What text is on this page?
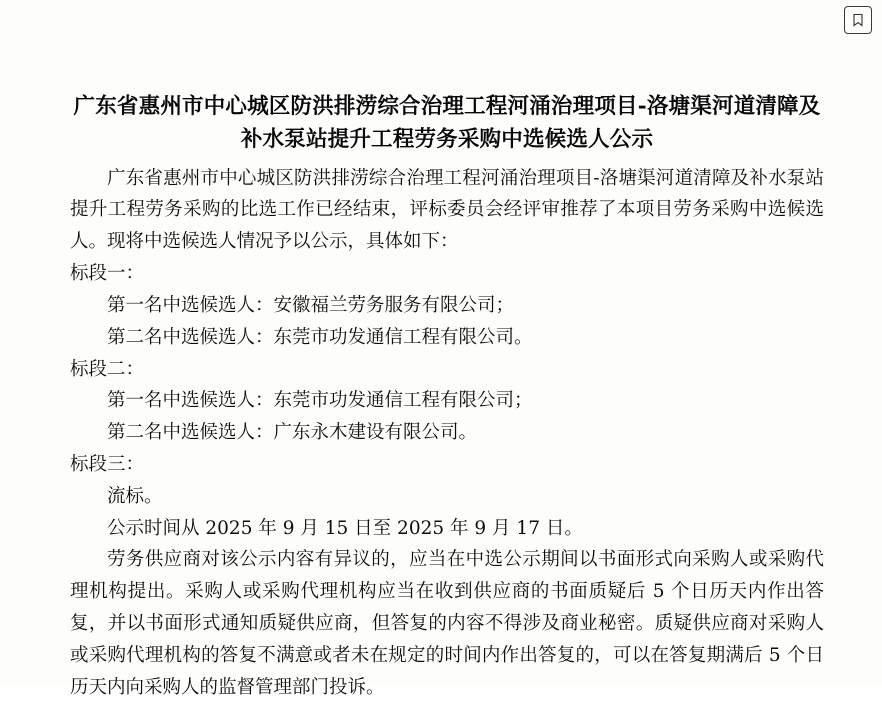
广东省惠州市中心城区防洪排涝综合治理工程河涌治理项目-洛塘渠河道清障及补水泵站提升工程劳务采购中选候选人公示

广东省惠州市中心城区防洪排涝综合治理工程河涌治理项目-洛塘渠河道清障及补水泵站提升工程劳务采购的比选工作已经结束，评标委员会经评审推荐了本项目劳务采购中选候选人。现将中选候选人情况予以公示，具体如下：

标段一：

第一名中选候选人：安徽福兰劳务服务有限公司；

第二名中选候选人：东莞市功发通信工程有限公司。

标段二：

第一名中选候选人：东莞市功发通信工程有限公司；

第二名中选候选人：广东永木建设有限公司。

标段三：

流标。

公示时间从 2025 年 9 月 15 日至 2025 年 9 月 17 日。

劳务供应商对该公示内容有异议的，应当在中选公示期间以书面形式向采购人或采购代理机构提出。采购人或采购代理机构应当在收到供应商的书面质疑后 5 个日历天内作出答复，并以书面形式通知质疑供应商，但答复的内容不得涉及商业秘密。质疑供应商对采购人或采购代理机构的答复不满意或者未在规定的时间内作出答复的，可以在答复期满后 5 个日历天内向采购人的监督管理部门投诉。
